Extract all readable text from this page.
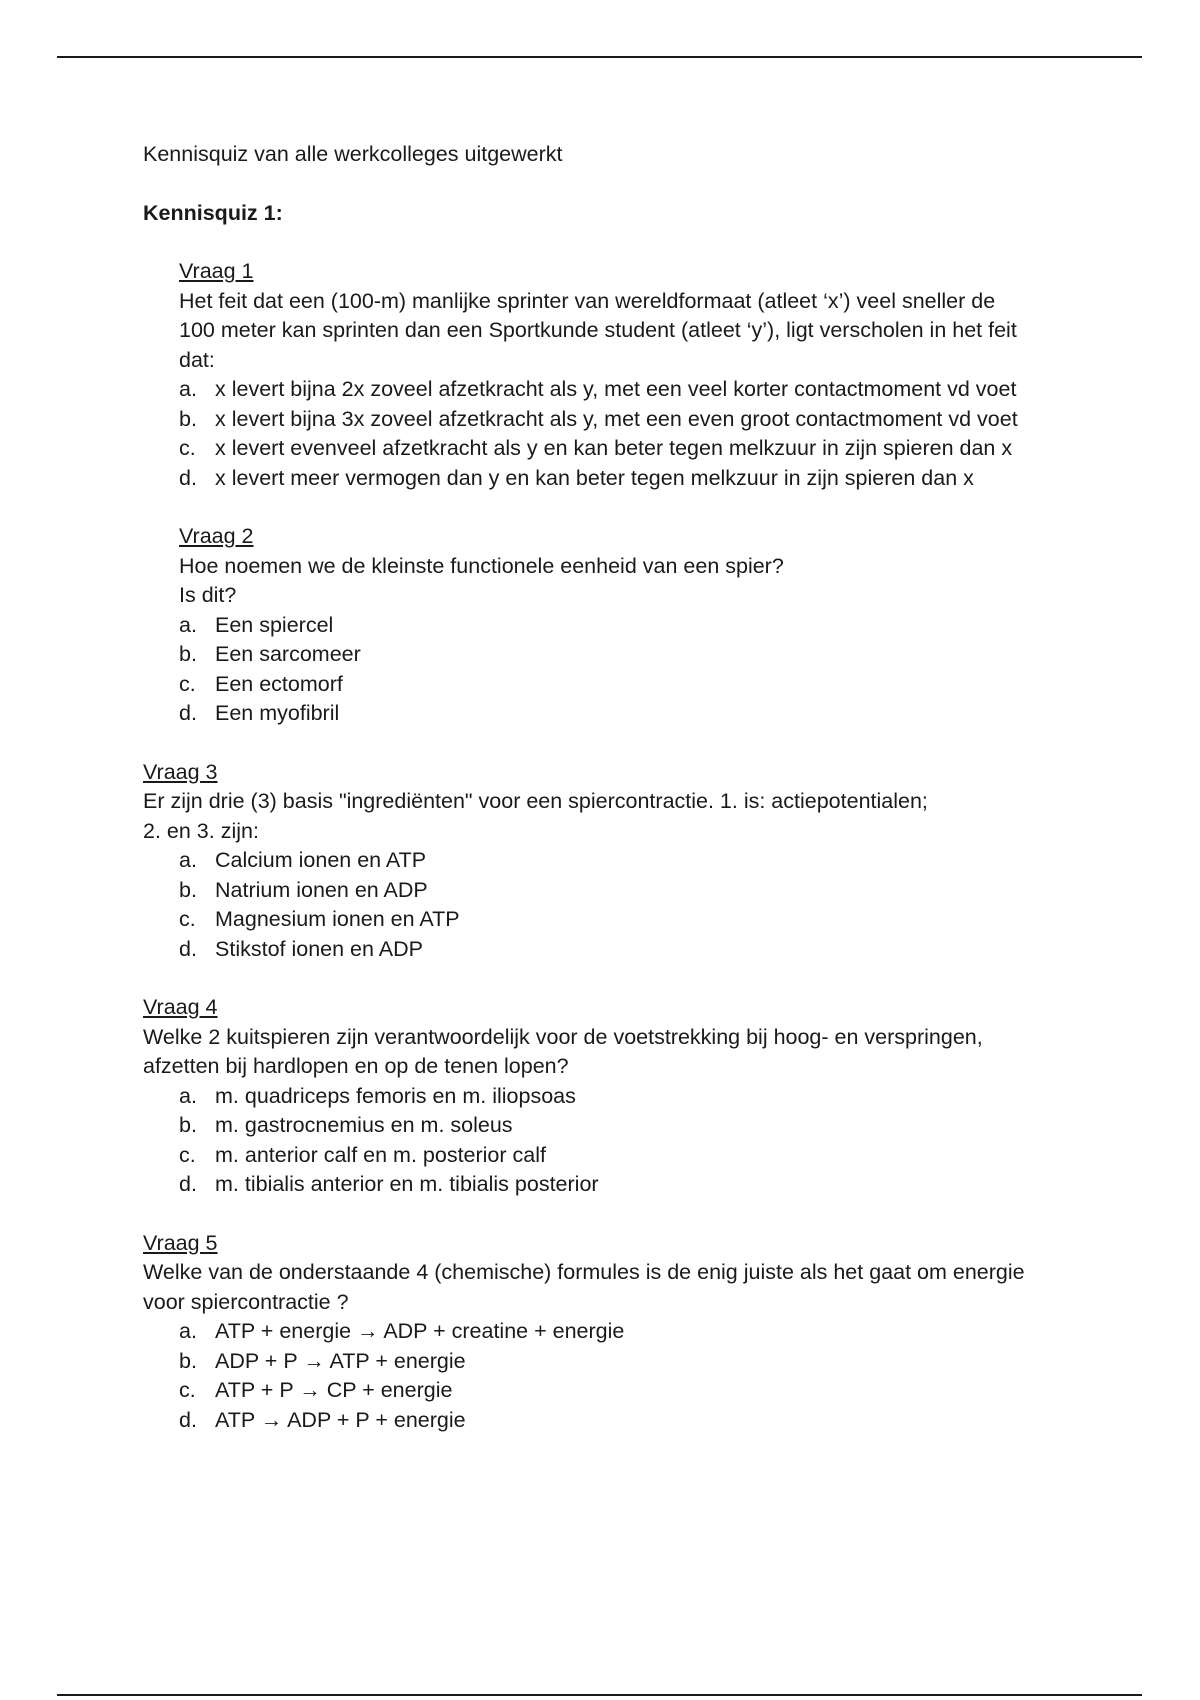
Kennisquiz van alle werkcolleges uitgewerkt

Kennisquiz 1:

Vraag 1
Het feit dat een (100-m) manlijke sprinter van wereldformaat (atleet ‘x’) veel sneller de
100 meter kan sprinten dan een Sportkunde student (atleet ‘y’), ligt verscholen in het feit
dat:
a. x levert bijna 2x zoveel afzetkracht als y, met een veel korter contactmoment vd voet
b. x levert bijna 3x zoveel afzetkracht als y, met een even groot contactmoment vd voet
c. x levert evenveel afzetkracht als y en kan beter tegen melkzuur in zijn spieren dan x
d. x levert meer vermogen dan y en kan beter tegen melkzuur in zijn spieren dan x
Vraag 2
Hoe noemen we de kleinste functionele eenheid van een spier?
Is dit?
a. Een spiercel
b. Een sarcomeer
c. Een ectomorf
d. Een myofibril
Vraag 3
Er zijn drie (3) basis "ingrediënten" voor een spiercontractie. 1. is: actiepotentialen;
2. en 3. zijn:
a. Calcium ionen en ATP
b. Natrium ionen en ADP
c. Magnesium ionen en ATP
d. Stikstof ionen en ADP
Vraag 4
Welke 2 kuitspieren zijn verantwoordelijk voor de voetstrekking bij hoog- en verspringen,
afzetten bij hardlopen en op de tenen lopen?
a. m. quadriceps femoris en m. iliopsoas
b. m. gastrocnemius en m. soleus
c. m. anterior calf en m. posterior calf
d. m. tibialis anterior en m. tibialis posterior
Vraag 5
Welke van de onderstaande 4 (chemische) formules is de enig juiste als het gaat om energie
voor spiercontractie ?
a. ATP + energie → ADP + creatine + energie
b. ADP + P → ATP + energie
c. ATP + P → CP + energie
d. ATP → ADP + P + energie
